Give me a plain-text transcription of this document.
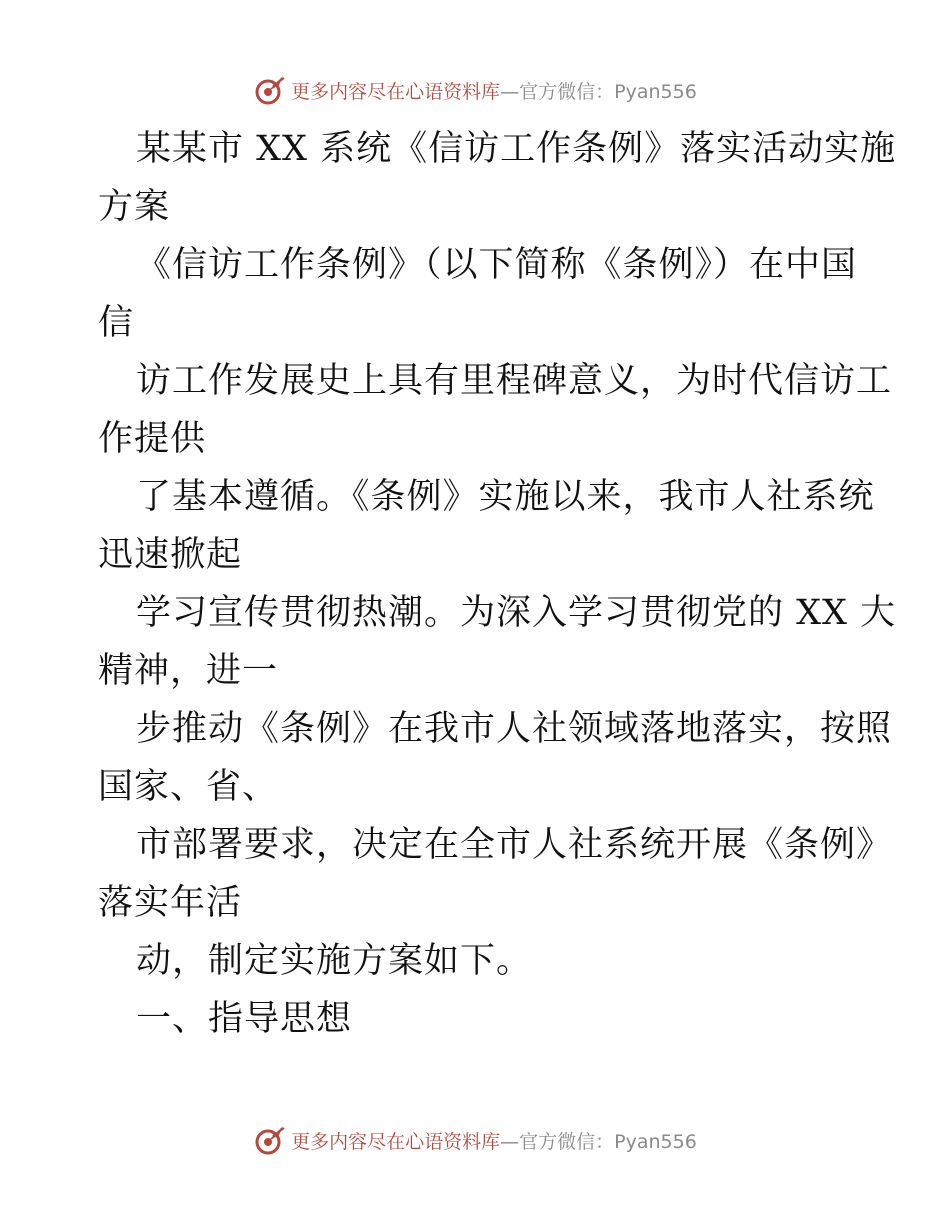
更多内容尽在心语资料库—官方微信：Pyan556
某某市 XX 系统《信访工作条例》落实活动实施
方案
《信访工作条例》（以下简称《条例》）在中国
信
访工作发展史上具有里程碑意义，为时代信访工
作提供
了基本遵循。《条例》实施以来，我市人社系统
迅速掀起
学习宣传贯彻热潮。为深入学习贯彻党的 XX 大
精神，进一
步推动《条例》在我市人社领域落地落实，按照
国家、省、
市部署要求，决定在全市人社系统开展《条例》
落实年活
动，制定实施方案如下。
一、指导思想
更多内容尽在心语资料库—官方微信：Pyan556
